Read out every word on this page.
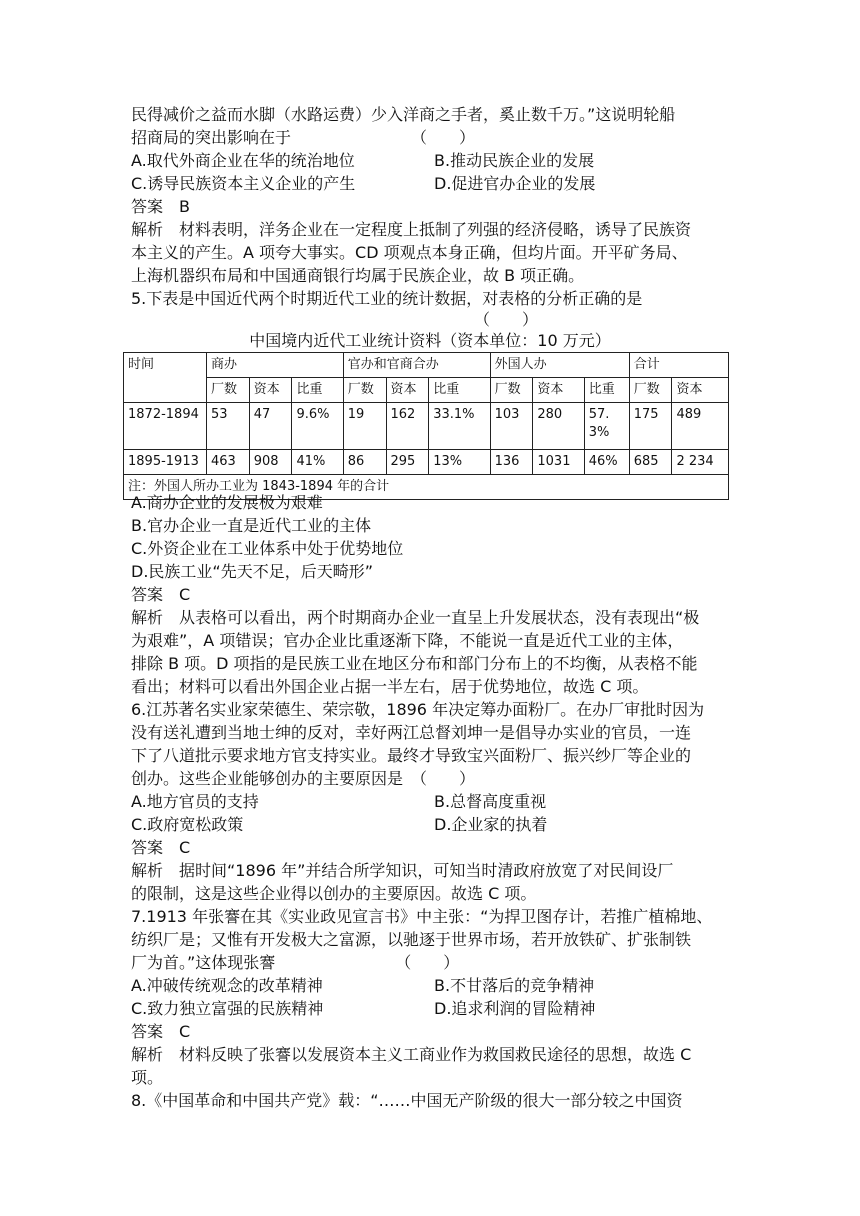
民得减价之益而水脚（水路运费）少入洋商之手者，奚止数千万。”这说明轮船
招商局的突出影响在于　　　　　　　　（　　）
A.取代外商企业在华的统治地位	B.推动民族企业的发展
C.诱导民族资本主义企业的产生	D.促进官办企业的发展
答案　B
解析　材料表明，洋务企业在一定程度上抵制了列强的经济侵略，诱导了民族资
本主义的产生。A 项夸大事实。CD 项观点本身正确，但均片面。开平矿务局、
上海机器织布局和中国通商银行均属于民族企业，故 B 项正确。
5.下表是中国近代两个时期近代工业的统计数据，对表格的分析正确的是
（　　）
中国境内近代工业统计资料（资本单位：10 万元）
时间	商办			官办和官商合办			外国人办			合计	
	厂数	资本	比重	厂数	资本	比重	厂数	资本	比重	厂数	资本
1872-1894	53	47	9.6%	19	162	33.1%	103	280	57.3%	175	489
1895-1913	463	908	41%	86	295	13%	136	1031	46%	685	2 234
注：外国人所办工业为 1843-1894 年的合计											
A.商办企业的发展极为艰难
B.官办企业一直是近代工业的主体
C.外资企业在工业体系中处于优势地位
D.民族工业“先天不足，后天畸形”
答案　C
解析　从表格可以看出，两个时期商办企业一直呈上升发展状态，没有表现出“极
为艰难”，A 项错误；官办企业比重逐渐下降，不能说一直是近代工业的主体，
排除 B 项。D 项指的是民族工业在地区分布和部门分布上的不均衡，从表格不能
看出；材料可以看出外国企业占据一半左右，居于优势地位，故选 C 项。
6.江苏著名实业家荣德生、荣宗敬，1896 年决定筹办面粉厂。在办厂审批时因为
没有送礼遭到当地士绅的反对，幸好两江总督刘坤一是倡导办实业的官员，一连
下了八道批示要求地方官支持实业。最终才导致宝兴面粉厂、振兴纱厂等企业的
创办。这些企业能够创办的主要原因是　（　　）
A.地方官员的支持	B.总督高度重视
C.政府宽松政策	D.企业家的执着
答案　C
解析　据时间“1896 年”并结合所学知识，可知当时清政府放宽了对民间设厂
的限制，这是这些企业得以创办的主要原因。故选 C 项。
7.1913 年张謇在其《实业政见宣言书》中主张：“为捍卫图存计，若推广植棉地、
纺织厂是；又惟有开发极大之富源，以驰逐于世界市场，若开放铁矿、扩张制铁
厂为首。”这体现张謇　　　　　　　　（　　）
A.冲破传统观念的改革精神	B.不甘落后的竞争精神
C.致力独立富强的民族精神	D.追求利润的冒险精神
答案　C
解析　材料反映了张謇以发展资本主义工商业作为救国救民途径的思想，故选 C
项。
8.《中国革命和中国共产党》载：“……中国无产阶级的很大一部分较之中国资
